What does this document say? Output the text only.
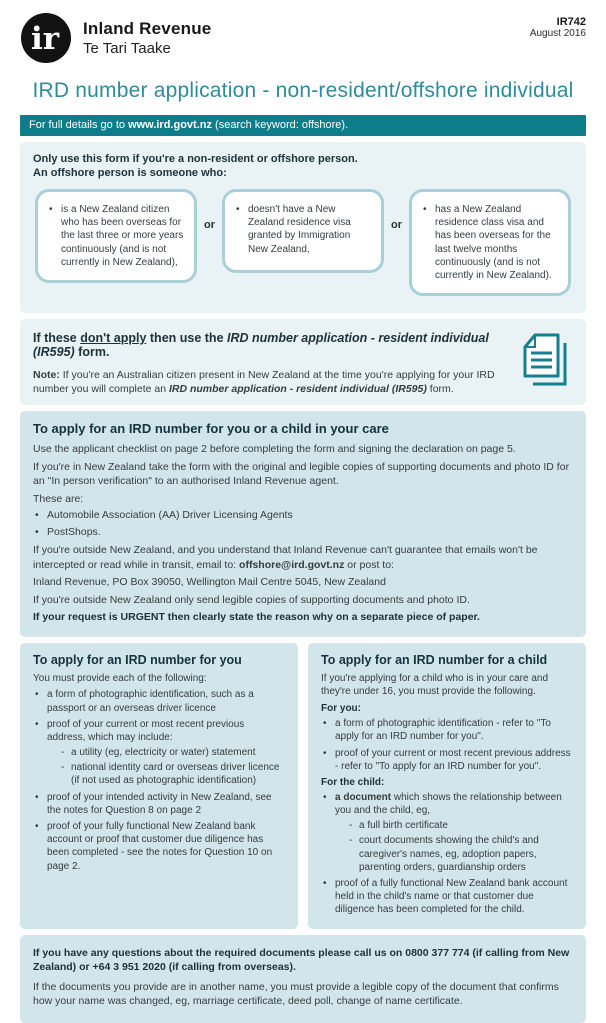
ir Inland Revenue
Te Tari Taake
IR742
August 2016
IRD number application - non-resident/offshore individual
For full details go to www.ird.govt.nz (search keyword: offshore).

Only use this form if you're a non-resident or offshore person.

An offshore person is someone who:

• is a New Zealand citizen who has been overseas for the last three or more years continuously (and is not currently in New Zealand),
or
• doesn't have a New Zealand residence visa granted by Immigration New Zealand,
or
• has a New Zealand residence class visa and has been overseas for the last twelve months continuously (and is not currently in New Zealand).

If these don't apply then use the IRD number application - resident individual (IR595) form.

Note: If you're an Australian citizen present in New Zealand at the time you're applying for your IRD number you will complete an IRD number application - resident individual (IR595) form.

To apply for an IRD number for you or a child in your care

Use the applicant checklist on page 2 before completing the form and signing the declaration on page 5.

If you're in New Zealand take the form with the original and legible copies of supporting documents and photo ID for an "In person verification" to an authorised Inland Revenue agent.

These are:

• Automobile Association (AA) Driver Licensing Agents
• PostShops.

If you're outside New Zealand, and you understand that Inland Revenue can't guarantee that emails won't be intercepted or read while in transit, email to: offshore@ird.govt.nz or post to:

Inland Revenue, PO Box 39050, Wellington Mail Centre 5045, New Zealand

If you're outside New Zealand only send legible copies of supporting documents and photo ID.

If your request is URGENT then clearly state the reason why on a separate piece of paper.

To apply for an IRD number for you

You must provide each of the following:

• a form of photographic identification, such as a passport or an overseas driver licence
• proof of your current or most recent previous address, which may include:
- a utility (eg, electricity or water) statement
- national identity card or overseas driver licence (if not used as photographic identification)
• proof of your intended activity in New Zealand, see the notes for Question 8 on page 2
• proof of your fully functional New Zealand bank account or proof that customer due diligence has been completed - see the notes for Question 10 on page 2.
To apply for an IRD number for a child

If you're applying for a child who is in your care and they're under 16, you must provide the following.

For you:

• a form of photographic identification - refer to "To apply for an IRD number for you".
• proof of your current or most recent previous address - refer to "To apply for an IRD number for you".

For the child:

• a document which shows the relationship between you and the child, eg,
- a full birth certificate
- court documents showing the child's and caregiver's names, eg, adoption papers, parenting orders, guardianship orders
• proof of a fully functional New Zealand bank account held in the child's name or that customer due diligence has been completed for the child.

If you have any questions about the required documents please call us on 0800 377 774 (if calling from New Zealand) or +64 3 951 2020 (if calling from overseas).

If the documents you provide are in another name, you must provide a legible copy of the document that confirms how your name was changed, eg, marriage certificate, deed poll, change of name certificate.
